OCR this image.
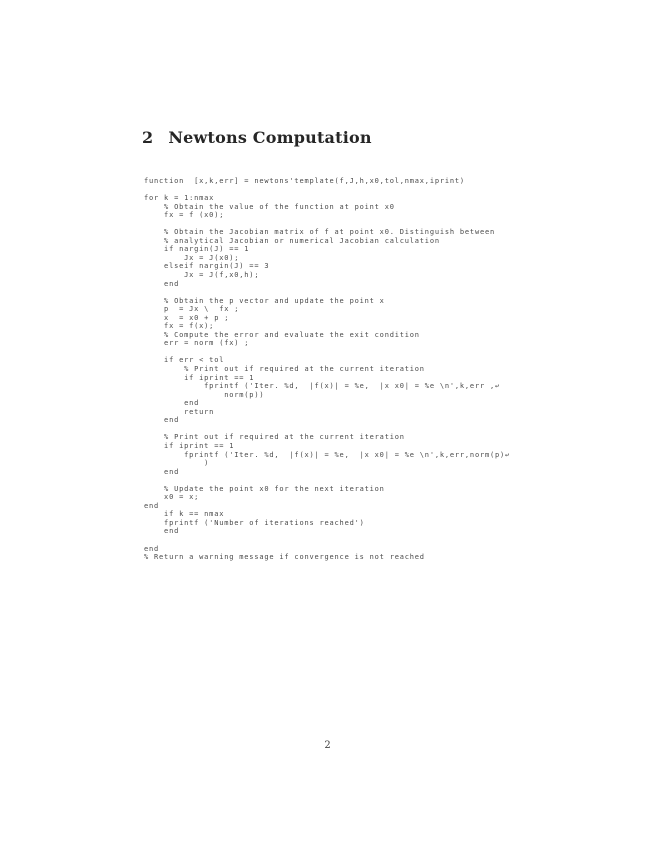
2 Newtons Computation
function  [x,k,err] = newtons'template(f,J,h,x0,tol,nmax,iprint)

for k = 1:nmax
% Obtain the value of the function at point x0
fx = f (x0);

% Obtain the Jacobian matrix of f at point x0. Distinguish between
% analytical Jacobian or numerical Jacobian calculation
if nargin(J) == 1
Jx = J(x0);
elseif nargin(J) == 3
Jx = J(f,x0,h);
end

% Obtain the p vector and update the point x
p  = Jx \  fx ;
x  = x0 + p ;
fx = f(x);
% Compute the error and evaluate the exit condition
err = norm (fx) ;

if err < tol
% Print out if required at the current iteration
if iprint == 1
fprintf ('Iter. %d,  |f(x)| = %e,  |x x0| = %e \n',k,err ,↩
norm(p))
end
return
end

% Print out if required at the current iteration
if iprint == 1
fprintf ('Iter. %d,  |f(x)| = %e,  |x x0| = %e \n',k,err,norm(p)↩
)
end

% Update the point x0 for the next iteration
x0 = x;
end
if k == nmax
fprintf ('Number of iterations reached')
end

end
% Return a warning message if convergence is not reached
2
